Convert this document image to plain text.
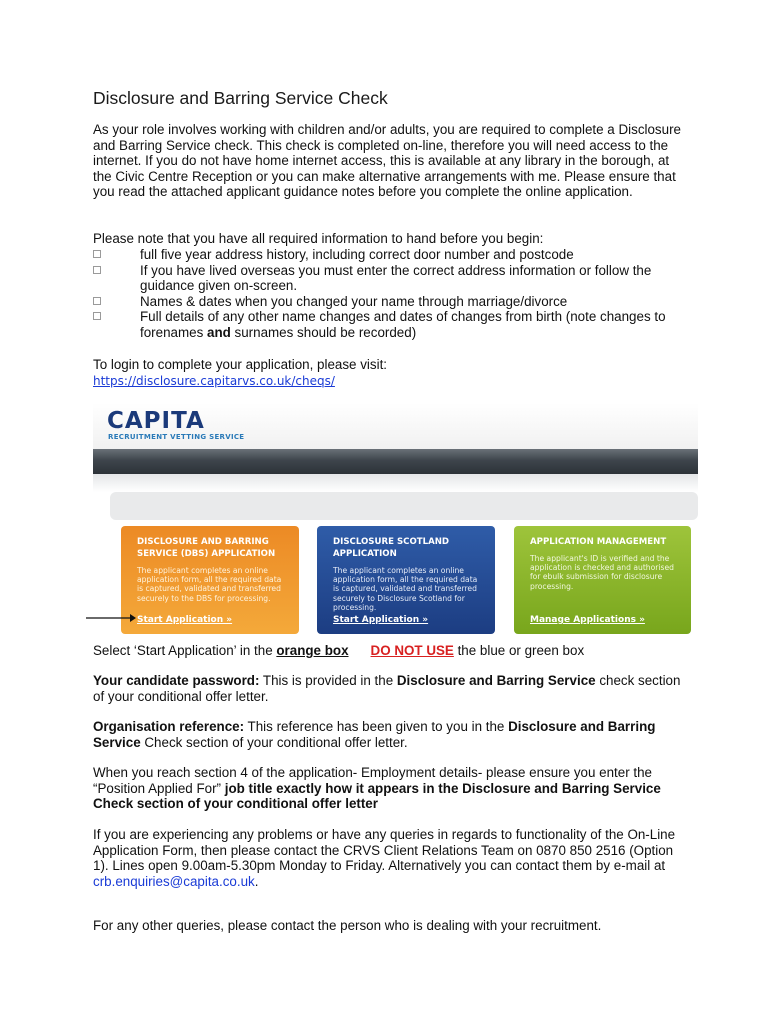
Disclosure and Barring Service Check

As your role involves working with children and/or adults, you are required to complete a Disclosure and Barring Service check. This check is completed on-line, therefore you will need access to the internet. If you do not have home internet access, this is available at any library in the borough, at the Civic Centre Reception or you can make alternative arrangements with me. Please ensure that you read the attached applicant guidance notes before you complete the online application.

Please note that you have all required information to hand before you begin:

full five year address history, including correct door number and postcode
If you have lived overseas you must enter the correct address information or follow the guidance given on-screen.
Names & dates when you changed your name through marriage/divorce
Full details of any other name changes and dates of changes from birth (note changes to forenames and surnames should be recorded)

To login to complete your application, please visit:
https://disclosure.capitarvs.co.uk/cheqs/

CAPITA
RECRUITMENT VETTING SERVICE
DISCLOSURE AND BARRING SERVICE (DBS) APPLICATION
The applicant completes an online application form, all the required data is captured, validated and transferred securely to the DBS for processing.
Start Application »
DISCLOSURE SCOTLAND APPLICATION
The applicant completes an online application form, all the required data is captured, validated and transferred securely to Disclosure Scotland for processing.
Start Application »
APPLICATION MANAGEMENT
The applicant's ID is verified and the application is checked and authorised for ebulk submission for disclosure processing.
Manage Applications »
Select ‘Start Application’ in the orange box DO NOT USE the blue or green box

Your candidate password: This is provided in the Disclosure and Barring Service check section of your conditional offer letter.

Organisation reference: This reference has been given to you in the Disclosure and Barring Service Check section of your conditional offer letter.

When you reach section 4 of the application- Employment details- please ensure you enter the “Position Applied For” job title exactly how it appears in the Disclosure and Barring Service Check section of your conditional offer letter

If you are experiencing any problems or have any queries in regards to functionality of the On-Line Application Form, then please contact the CRVS Client Relations Team on 0870 850 2516 (Option 1). Lines open 9.00am-5.30pm Monday to Friday. Alternatively you can contact them by e-mail at crb.enquiries@capita.co.uk.

For any other queries, please contact the person who is dealing with your recruitment.
